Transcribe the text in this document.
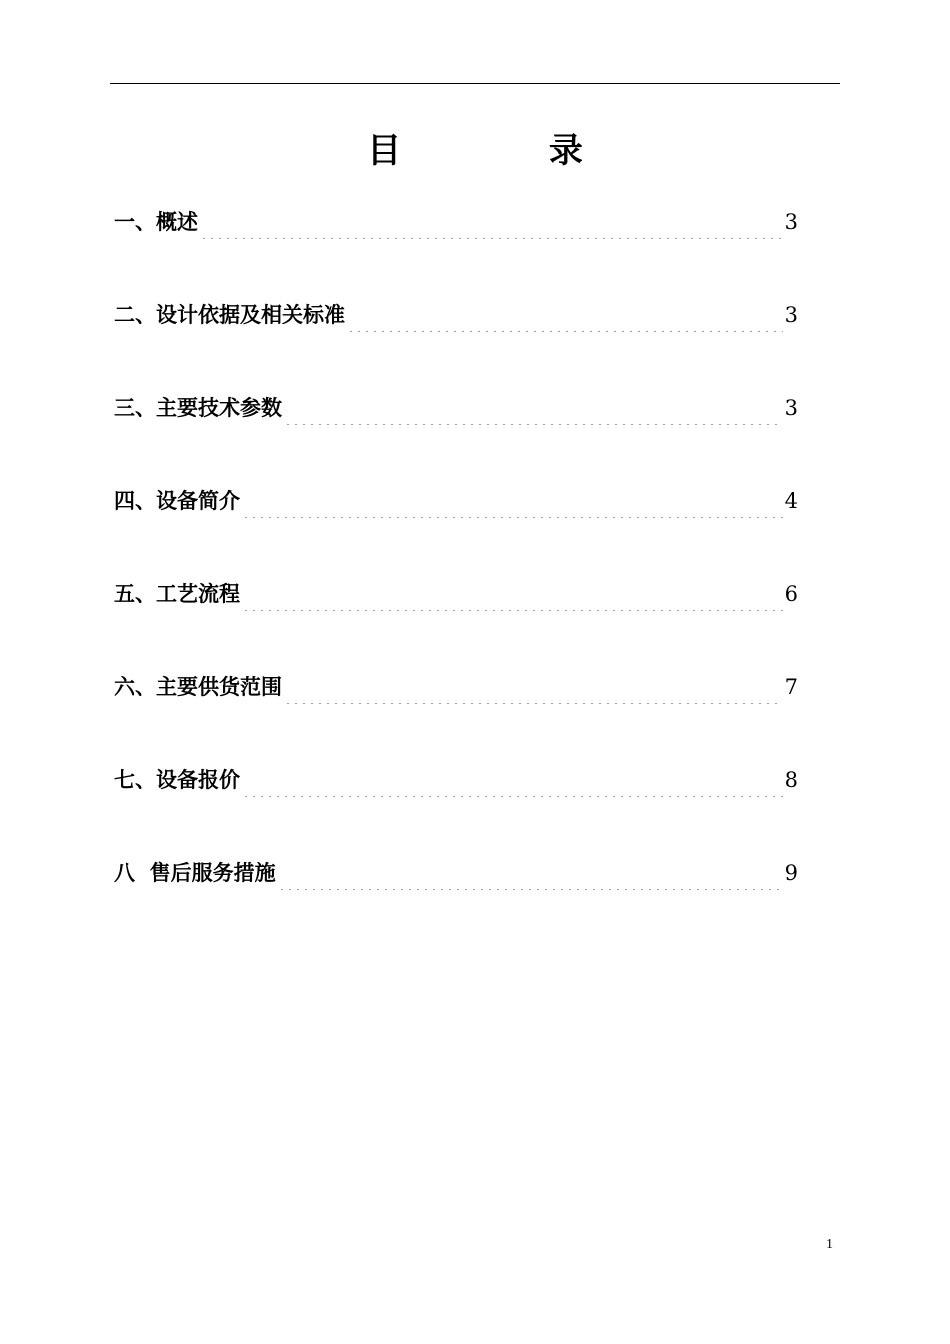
目 录
一、概述	3
二、设计依据及相关标准	3
三、主要技术参数	3
四、设备简介	4
五、工艺流程	6
六、主要供货范围	7
七、设备报价	8
八  售后服务措施	9
1
